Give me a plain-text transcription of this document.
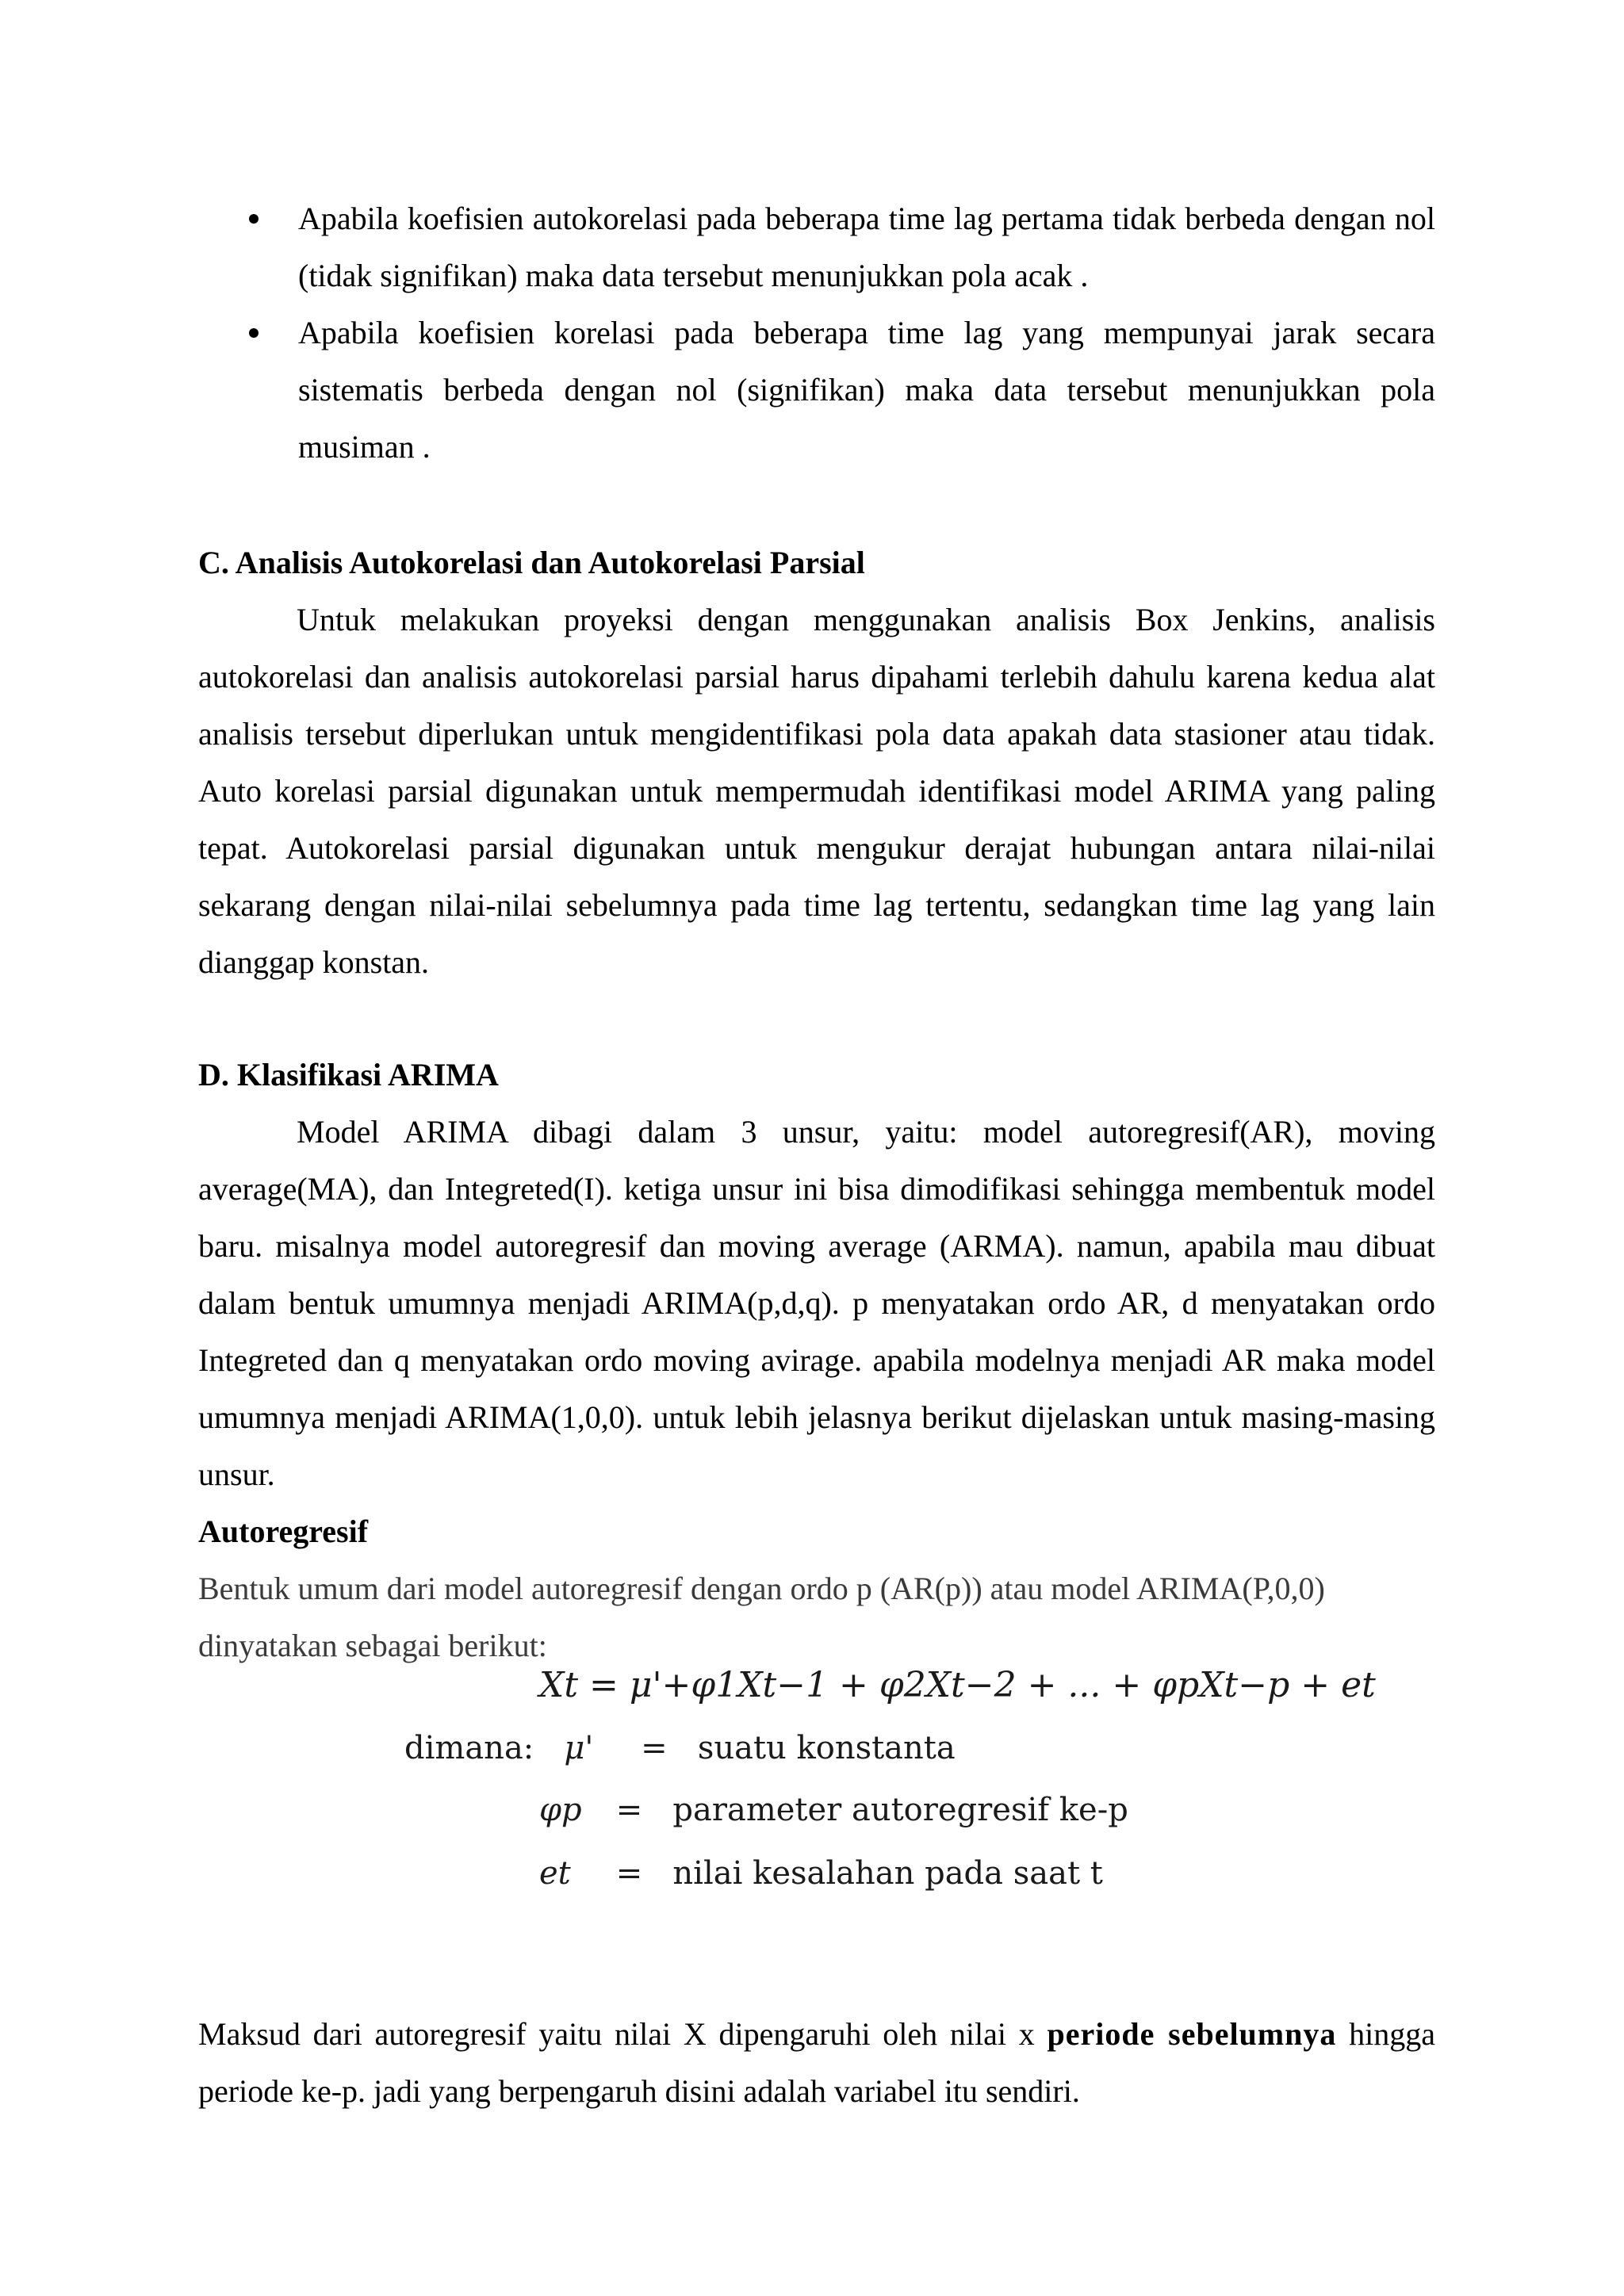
Apabila koefisien autokorelasi pada beberapa time lag pertama tidak berbeda dengan nol (tidak signifikan) maka data tersebut menunjukkan pola acak .
Apabila koefisien korelasi pada beberapa time lag yang mempunyai jarak secara sistematis berbeda dengan nol (signifikan) maka data tersebut menunjukkan pola musiman .
C. Analisis Autokorelasi dan Autokorelasi Parsial

Untuk melakukan proyeksi dengan menggunakan analisis Box Jenkins, analisis autokorelasi dan analisis autokorelasi parsial harus dipahami terlebih dahulu karena kedua alat analisis tersebut diperlukan untuk mengidentifikasi pola data apakah data stasioner atau tidak. Auto korelasi parsial digunakan untuk mempermudah identifikasi model ARIMA yang paling tepat. Autokorelasi parsial digunakan untuk mengukur derajat hubungan antara nilai-nilai sekarang dengan nilai-nilai sebelumnya pada time lag tertentu, sedangkan time lag yang lain dianggap konstan.

D. Klasifikasi ARIMA

Model ARIMA dibagi dalam 3 unsur, yaitu: model autoregresif(AR), moving average(MA), dan Integreted(I). ketiga unsur ini bisa dimodifikasi sehingga membentuk model baru. misalnya model autoregresif dan moving average (ARMA). namun, apabila mau dibuat dalam bentuk umumnya menjadi ARIMA(p,d,q). p menyatakan ordo AR, d menyatakan ordo Integreted dan q menyatakan ordo moving avirage. apabila modelnya menjadi AR maka model umumnya menjadi ARIMA(1,0,0). untuk lebih jelasnya berikut dijelaskan untuk masing-masing unsur.

Autoregresif

Bentuk umum dari model autoregresif dengan ordo p (AR(p)) atau model ARIMA(P,0,0) dinyatakan sebagai berikut:

Xt = μ'+φ1Xt−1 + φ2Xt−2 + ... + φpXt−p + et
dimana: μ' = suatu konstanta
φp = parameter autoregresif ke-p
et = nilai kesalahan pada saat t

Maksud dari autoregresif yaitu nilai X dipengaruhi oleh nilai x periode sebelumnya hingga periode ke-p. jadi yang berpengaruh disini adalah variabel itu sendiri.
